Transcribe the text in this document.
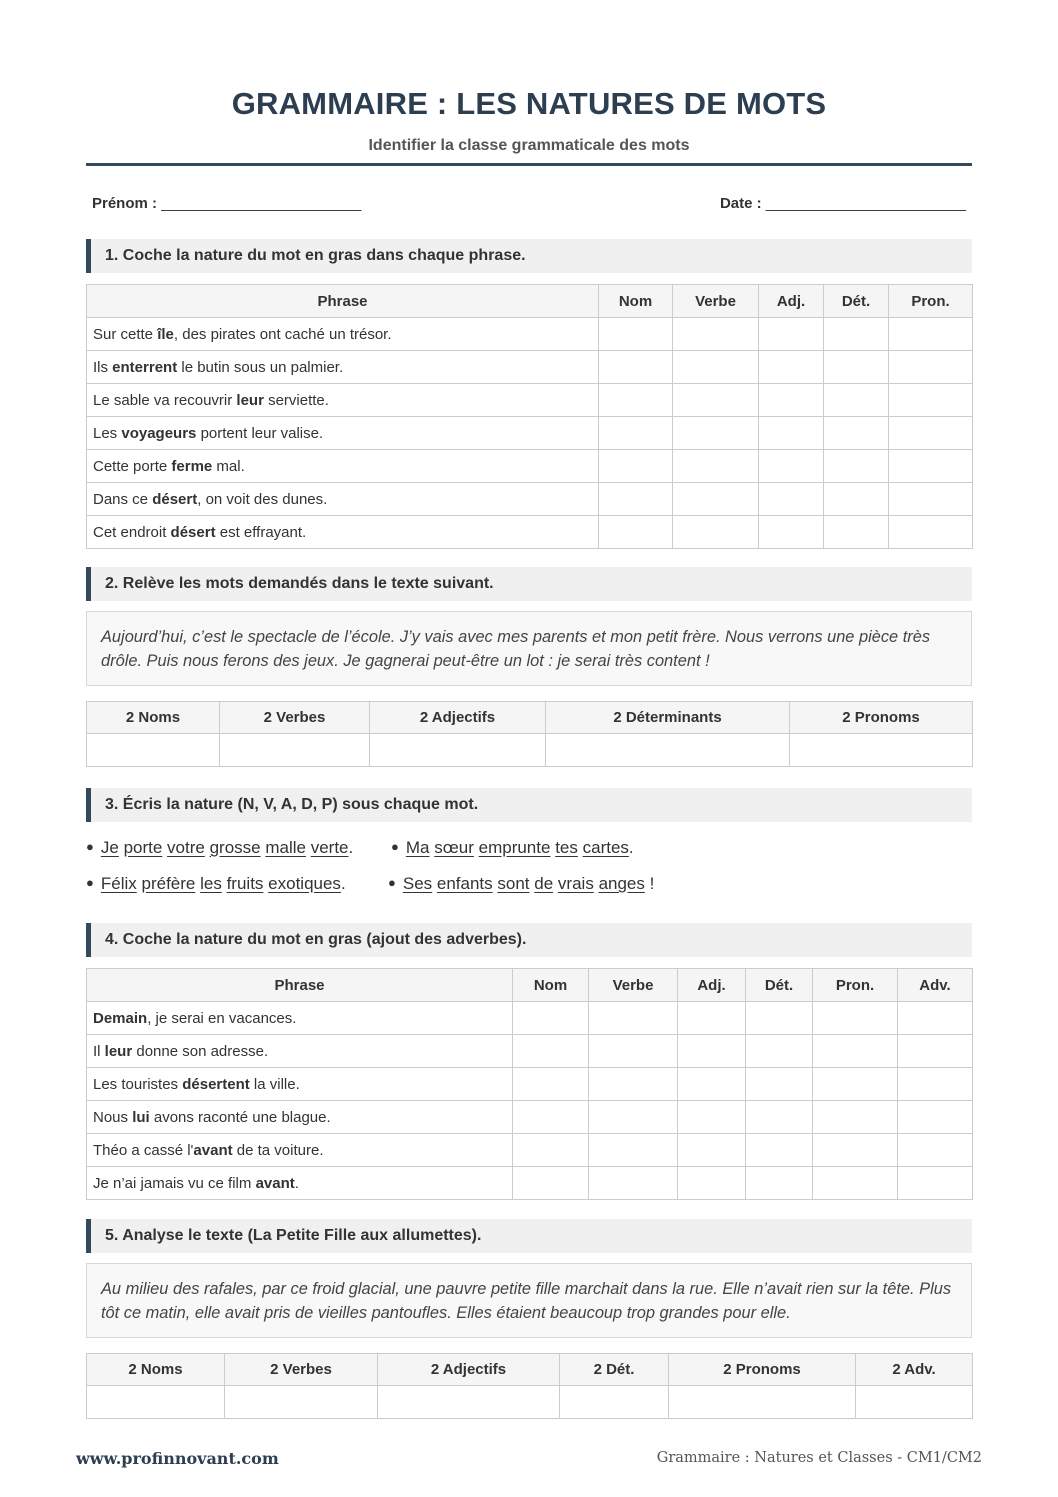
GRAMMAIRE : LES NATURES DE MOTS
Identifier la classe grammaticale des mots
Prénom : ________________________	Date : ________________________
1. Coche la nature du mot en gras dans chaque phrase.
Phrase	Nom	Verbe	Adj.	Dét.	Pron.
Sur cette île, des pirates ont caché un trésor.					
Ils enterrent le butin sous un palmier.					
Le sable va recouvrir leur serviette.					
Les voyageurs portent leur valise.					
Cette porte ferme mal.					
Dans ce désert, on voit des dunes.					
Cet endroit désert est effrayant.					
2. Relève les mots demandés dans le texte suivant.
Aujourd’hui, c’est le spectacle de l’école. J’y vais avec mes parents et mon petit frère. Nous verrons une pièce très drôle. Puis nous ferons des jeux. Je gagnerai peut-être un lot : je serai très content !
2 Noms	2 Verbes	2 Adjectifs	2 Déterminants	2 Pronoms

3. Écris la nature (N, V, A, D, P) sous chaque mot.
● Je porte votre grosse malle verte.	● Ma sœur emprunte tes cartes.
● Félix préfère les fruits exotiques.	● Ses enfants sont de vrais anges !
4. Coche la nature du mot en gras (ajout des adverbes).
Phrase	Nom	Verbe	Adj.	Dét.	Pron.	Adv.
Demain, je serai en vacances.						
Il leur donne son adresse.						
Les touristes désertent la ville.						
Nous lui avons raconté une blague.						
Théo a cassé l'avant de ta voiture.						
Je n’ai jamais vu ce film avant.						
5. Analyse le texte (La Petite Fille aux allumettes).
Au milieu des rafales, par ce froid glacial, une pauvre petite fille marchait dans la rue. Elle n’avait rien sur la tête. Plus tôt ce matin, elle avait pris de vieilles pantoufles. Elles étaient beaucoup trop grandes pour elle.
2 Noms	2 Verbes	2 Adjectifs	2 Dét.	2 Pronoms	2 Adv.

www.profinnovant.com	Grammaire : Natures et Classes - CM1/CM2
